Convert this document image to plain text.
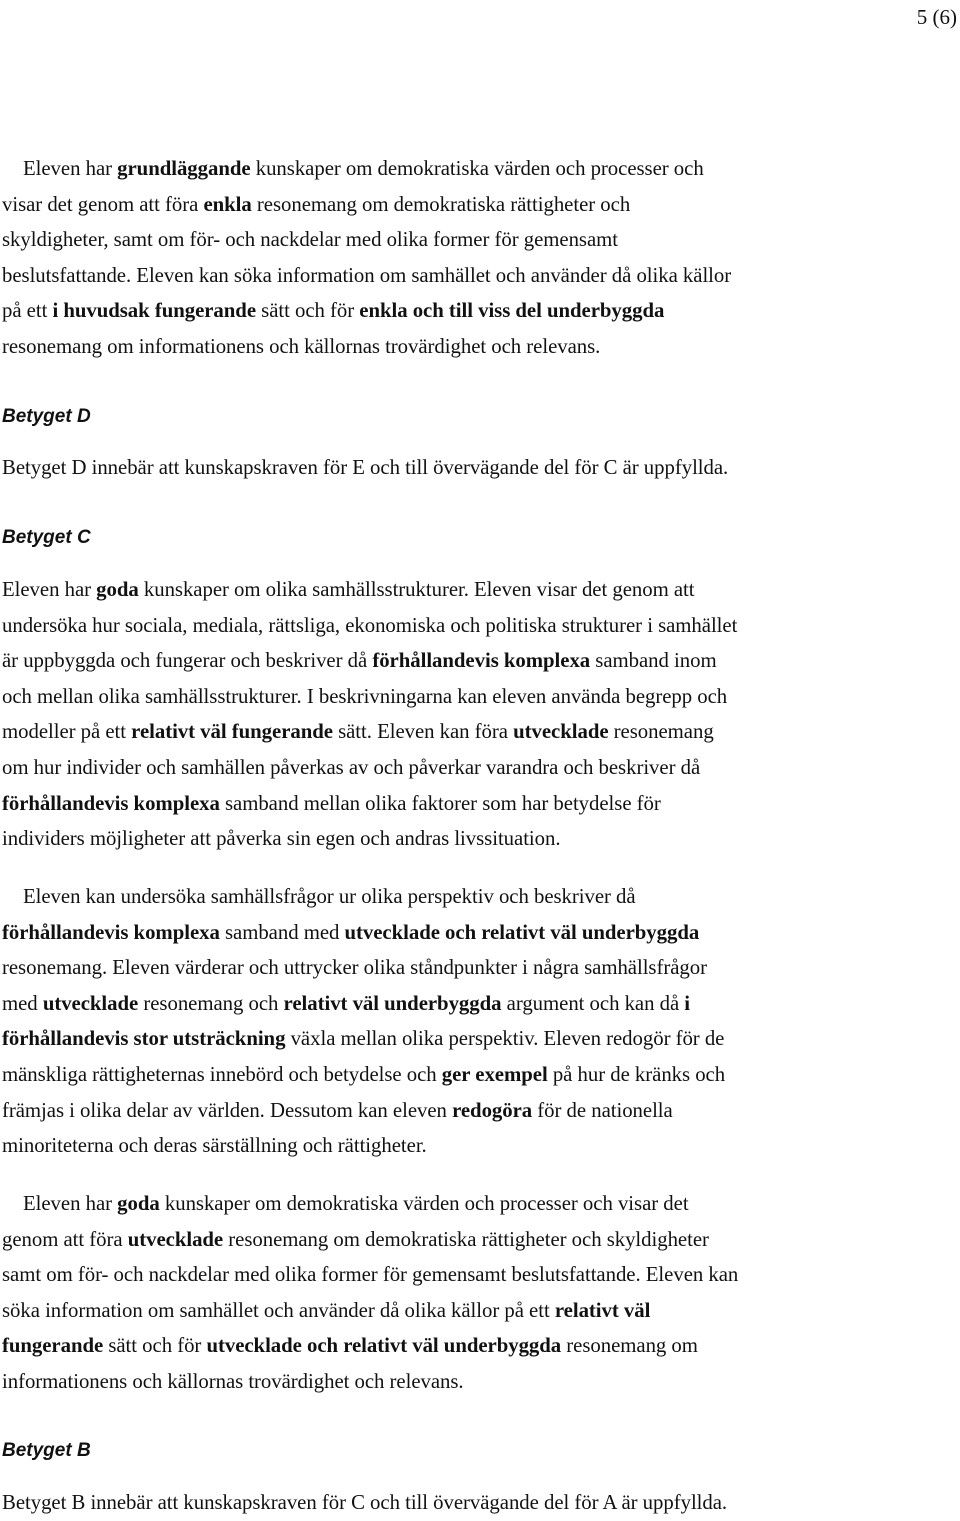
5 (6)
Eleven har grundläggande kunskaper om demokratiska värden och processer och
visar det genom att föra enkla resonemang om demokratiska rättigheter och
skyldigheter, samt om för- och nackdelar med olika former för gemensamt
beslutsfattande. Eleven kan söka information om samhället och använder då olika källor
på ett i huvudsak fungerande sätt och för enkla och till viss del underbyggda
resonemang om informationens och källornas trovärdighet och relevans.
Betyget D
Betyget D innebär att kunskapskraven för E och till övervägande del för C är uppfyllda.
Betyget C
Eleven har goda kunskaper om olika samhällsstrukturer. Eleven visar det genom att
undersöka hur sociala, mediala, rättsliga, ekonomiska och politiska strukturer i samhället
är uppbyggda och fungerar och beskriver då förhållandevis komplexa samband inom
och mellan olika samhällsstrukturer. I beskrivningarna kan eleven använda begrepp och
modeller på ett relativt väl fungerande sätt. Eleven kan föra utvecklade resonemang
om hur individer och samhällen påverkas av och påverkar varandra och beskriver då
förhållandevis komplexa samband mellan olika faktorer som har betydelse för
individers möjligheter att påverka sin egen och andras livssituation.
Eleven kan undersöka samhällsfrågor ur olika perspektiv och beskriver då
förhållandevis komplexa samband med utvecklade och relativt väl underbyggda
resonemang. Eleven värderar och uttrycker olika ståndpunkter i några samhällsfrågor
med utvecklade resonemang och relativt väl underbyggda argument och kan då i
förhållandevis stor utsträckning växla mellan olika perspektiv. Eleven redogör för de
mänskliga rättigheternas innebörd och betydelse och ger exempel på hur de kränks och
främjas i olika delar av världen. Dessutom kan eleven redogöra för de nationella
minoriteterna och deras särställning och rättigheter.
Eleven har goda kunskaper om demokratiska värden och processer och visar det
genom att föra utvecklade resonemang om demokratiska rättigheter och skyldigheter
samt om för- och nackdelar med olika former för gemensamt beslutsfattande. Eleven kan
söka information om samhället och använder då olika källor på ett relativt väl
fungerande sätt och för utvecklade och relativt väl underbyggda resonemang om
informationens och källornas trovärdighet och relevans.
Betyget B
Betyget B innebär att kunskapskraven för C och till övervägande del för A är uppfyllda.
